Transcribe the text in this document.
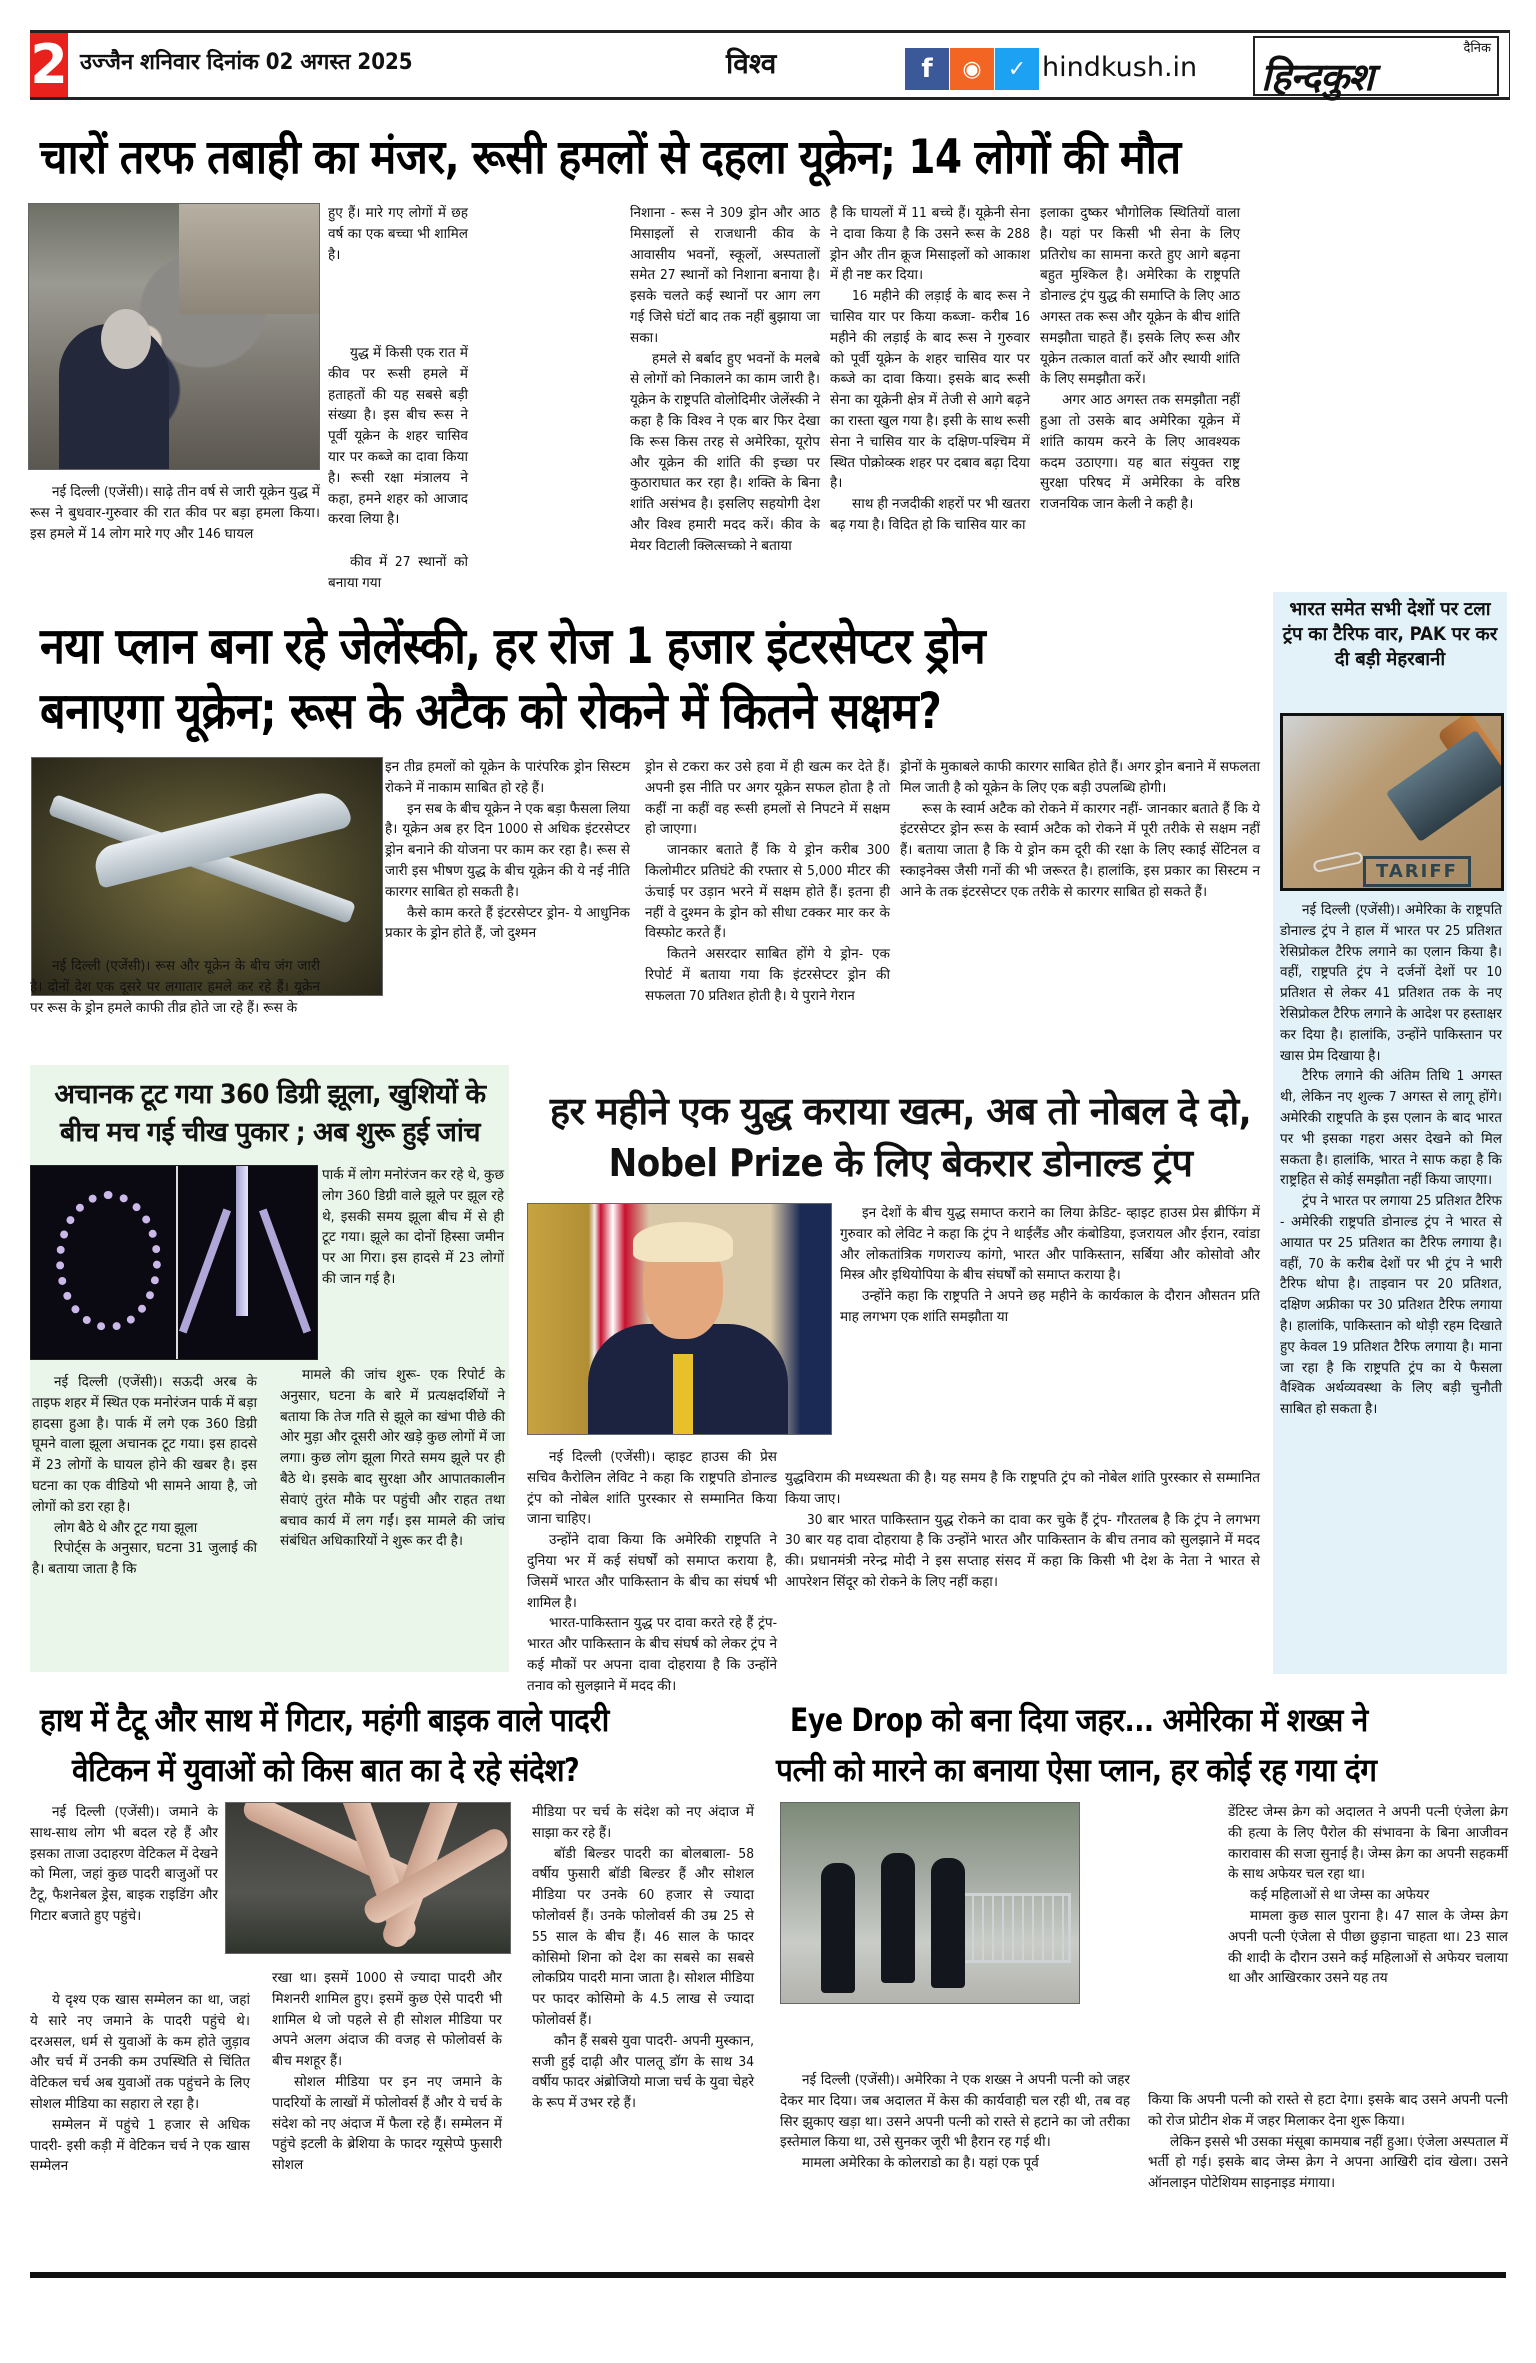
2 उज्जैन शनिवार दिनांक 02 अगस्त 2025	विश्व	f	◉	✓ hindkush.in
दैनिक
हिन्दकुश
चारों तरफ तबाही का मंजर, रूसी हमलों से दहला यूक्रेन; 14 लोगों की मौत

नई दिल्ली (एजेंसी)। साढ़े तीन वर्ष से जारी यूक्रेन युद्ध में रूस ने बुधवार-गुरुवार की रात कीव पर बड़ा हमला किया। इस हमले में 14 लोग मारे गए और 146 घायल

हुए हैं। मारे गए लोगों में छह वर्ष का एक बच्चा भी शामिल है।

युद्ध में किसी एक रात में कीव पर रूसी हमले में हताहतों की यह सबसे बड़ी संख्या है। इस बीच रूस ने पूर्वी यूक्रेन के शहर चासिव यार पर कब्जे का दावा किया है। रूसी रक्षा मंत्रालय ने कहा, हमने शहर को आजाद करवा लिया है।

कीव में 27 स्थानों को बनाया गया

निशाना - रूस ने 309 ड्रोन और आठ मिसाइलों से राजधानी कीव के आवासीय भवनों, स्कूलों, अस्पतालों समेत 27 स्थानों को निशाना बनाया है। इसके चलते कई स्थानों पर आग लग गई जिसे घंटों बाद तक नहीं बुझाया जा सका।

हमले से बर्बाद हुए भवनों के मलबे से लोगों को निकालने का काम जारी है। यूक्रेन के राष्ट्रपति वोलोदिमीर जेलेंस्की ने कहा है कि विश्व ने एक बार फिर देखा कि रूस किस तरह से अमेरिका, यूरोप और यूक्रेन की शांति की इच्छा पर कुठाराघात कर रहा है। शक्ति के बिना शांति असंभव है। इसलिए सहयोगी देश और विश्व हमारी मदद करें। कीव के मेयर विटाली क्लित्सच्को ने बताया

है कि घायलों में 11 बच्चे हैं। यूक्रेनी सेना ने दावा किया है कि उसने रूस के 288 ड्रोन और तीन क्रूज मिसाइलों को आकाश में ही नष्ट कर दिया।

16 महीने की लड़ाई के बाद रूस ने चासिव यार पर किया कब्जा- करीब 16 महीने की लड़ाई के बाद रूस ने गुरुवार को पूर्वी यूक्रेन के शहर चासिव यार पर कब्जे का दावा किया। इसके बाद रूसी सेना का यूक्रेनी क्षेत्र में तेजी से आगे बढ़ने का रास्ता खुल गया है। इसी के साथ रूसी सेना ने चासिव यार के दक्षिण-पश्चिम में स्थित पोक्रोव्स्क शहर पर दबाव बढ़ा दिया है।

साथ ही नजदीकी शहरों पर भी खतरा बढ़ गया है। विदित हो कि चासिव यार का

इलाका दुष्कर भौगोलिक स्थितियों वाला है। यहां पर किसी भी सेना के लिए प्रतिरोध का सामना करते हुए आगे बढ़ना बहुत मुश्किल है। अमेरिका के राष्ट्रपति डोनाल्ड ट्रंप युद्ध की समाप्ति के लिए आठ अगस्त तक रूस और यूक्रेन के बीच शांति समझौता चाहते हैं। इसके लिए रूस और यूक्रेन तत्काल वार्ता करें और स्थायी शांति के लिए समझौता करें।

अगर आठ अगस्त तक समझौता नहीं हुआ तो उसके बाद अमेरिका यूक्रेन में शांति कायम करने के लिए आवश्यक कदम उठाएगा। यह बात संयुक्त राष्ट्र सुरक्षा परिषद में अमेरिका के वरिष्ठ राजनयिक जान केली ने कही है।

नया प्लान बना रहे जेलेंस्की, हर रोज 1 हजार इंटरसेप्टर ड्रोन
बनाएगा यूक्रेन; रूस के अटैक को रोकने में कितने सक्षम?

नई दिल्ली (एजेंसी)। रूस और यूक्रेन के बीच जंग जारी है। दोनों देश एक दूसरे पर लगातार हमले कर रहे हैं। यूक्रेन पर रूस के ड्रोन हमले काफी तीव्र होते जा रहे हैं। रूस के

इन तीव्र हमलों को यूक्रेन के पारंपरिक ड्रोन सिस्टम रोकने में नाकाम साबित हो रहे हैं।

इन सब के बीच यूक्रेन ने एक बड़ा फैसला लिया है। यूक्रेन अब हर दिन 1000 से अधिक इंटरसेप्टर ड्रोन बनाने की योजना पर काम कर रहा है। रूस से जारी इस भीषण युद्ध के बीच यूक्रेन की ये नई नीति कारगर साबित हो सकती है।

कैसे काम करते हैं इंटरसेप्टर ड्रोन- ये आधुनिक प्रकार के ड्रोन होते हैं, जो दुश्मन

ड्रोन से टकरा कर उसे हवा में ही खत्म कर देते हैं। अपनी इस नीति पर अगर यूक्रेन सफल होता है तो कहीं ना कहीं वह रूसी हमलों से निपटने में सक्षम हो जाएगा।

जानकार बताते हैं कि ये ड्रोन करीब 300 किलोमीटर प्रतिघंटे की रफ्तार से 5,000 मीटर की ऊंचाई पर उड़ान भरने में सक्षम होते हैं। इतना ही नहीं वे दुश्मन के ड्रोन को सीधा टक्कर मार कर के विस्फोट करते हैं।

कितने असरदार साबित होंगे ये ड्रोन- एक रिपोर्ट में बताया गया कि इंटरसेप्टर ड्रोन की सफलता 70 प्रतिशत होती है। ये पुराने गेरान

ड्रोनों के मुकाबले काफी कारगर साबित होते हैं। अगर ड्रोन बनाने में सफलता मिल जाती है को यूक्रेन के लिए एक बड़ी उपलब्धि होगी।

रूस के स्वार्म अटैक को रोकने में कारगर नहीं- जानकार बताते हैं कि ये इंटरसेप्टर ड्रोन रूस के स्वार्म अटैक को रोकने में पूरी तरीके से सक्षम नहीं हैं। बताया जाता है कि ये ड्रोन कम दूरी की रक्षा के लिए स्काई सेंटिनल व स्काइनेक्स जैसी गनों की भी जरूरत है। हालांकि, इस प्रकार का सिस्टम न आने के तक इंटरसेप्टर एक तरीके से कारगर साबित हो सकते हैं।

भारत समेत सभी देशों पर टला ट्रंप का टैरिफ वार, PAK पर कर दी बड़ी मेहरबानी
TARIFF

नई दिल्ली (एजेंसी)। अमेरिका के राष्ट्रपति डोनाल्ड ट्रंप ने हाल में भारत पर 25 प्रतिशत रेसिप्रोकल टैरिफ लगाने का एलान किया है। वहीं, राष्ट्रपति ट्रंप ने दर्जनों देशों पर 10 प्रतिशत से लेकर 41 प्रतिशत तक के नए रेसिप्रोकल टैरिफ लगाने के आदेश पर हस्ताक्षर कर दिया है। हालांकि, उन्होंने पाकिस्तान पर खास प्रेम दिखाया है।

टैरिफ लगाने की अंतिम तिथि 1 अगस्त थी, लेकिन नए शुल्क 7 अगस्त से लागू होंगे। अमेरिकी राष्ट्रपति के इस एलान के बाद भारत पर भी इसका गहरा असर देखने को मिल सकता है। हालांकि, भारत ने साफ कहा है कि राष्ट्रहित से कोई समझौता नहीं किया जाएगा।

ट्रंप ने भारत पर लगाया 25 प्रतिशत टैरिफ - अमेरिकी राष्ट्रपति डोनाल्ड ट्रंप ने भारत से आयात पर 25 प्रतिशत का टैरिफ लगाया है। वहीं, 70 के करीब देशों पर भी ट्रंप ने भारी टैरिफ थोपा है। ताइवान पर 20 प्रतिशत, दक्षिण अफ्रीका पर 30 प्रतिशत टैरिफ लगाया है। हालांकि, पाकिस्तान को थोड़ी रहम दिखाते हुए केवल 19 प्रतिशत टैरिफ लगाया है। माना जा रहा है कि राष्ट्रपति ट्रंप का ये फैसला वैश्विक अर्थव्यवस्था के लिए बड़ी चुनौती साबित हो सकता है।

अचानक टूट गया 360 डिग्री झूला, खुशियों के बीच मच गई चीख पुकार ; अब शुरू हुई जांच

पार्क में लोग मनोरंजन कर रहे थे, कुछ लोग 360 डिग्री वाले झूले पर झूल रहे थे, इसकी समय झूला बीच में से ही टूट गया। झूले का दोनों हिस्सा जमीन पर आ गिरा। इस हादसे में 23 लोगों की जान गई है।

नई दिल्ली (एजेंसी)। सऊदी अरब के ताइफ शहर में स्थित एक मनोरंजन पार्क में बड़ा हादसा हुआ है। पार्क में लगे एक 360 डिग्री घूमने वाला झूला अचानक टूट गया। इस हादसे में 23 लोगों के घायल होने की खबर है। इस घटना का एक वीडियो भी सामने आया है, जो लोगों को डरा रहा है।

लोग बैठे थे और टूट गया झूला

रिपोर्ट्स के अनुसार, घटना 31 जुलाई की है। बताया जाता है कि

मामले की जांच शुरू- एक रिपोर्ट के अनुसार, घटना के बारे में प्रत्यक्षदर्शियों ने बताया कि तेज गति से झूले का खंभा पीछे की ओर मुड़ा और दूसरी ओर खड़े कुछ लोगों में जा लगा। कुछ लोग झूला गिरते समय झूले पर ही बैठे थे। इसके बाद सुरक्षा और आपातकालीन सेवाएं तुरंत मौके पर पहुंची और राहत तथा बचाव कार्य में लग गईं। इस मामले की जांच संबंधित अधिकारियों ने शुरू कर दी है।

हर महीने एक युद्ध कराया खत्म, अब तो नोबल दे दो, Nobel Prize के लिए बेकरार डोनाल्ड ट्रंप

इन देशों के बीच युद्ध समाप्त कराने का लिया क्रेडिट- व्हाइट हाउस प्रेस ब्रीफिंग में गुरुवार को लेविट ने कहा कि ट्रंप ने थाईलैंड और कंबोडिया, इजरायल और ईरान, रवांडा और लोकतांत्रिक गणराज्य कांगो, भारत और पाकिस्तान, सर्बिया और कोसोवो और मिस्त्र और इथियोपिया के बीच संघर्षों को समाप्त कराया है।

उन्होंने कहा कि राष्ट्रपति ने अपने छह महीने के कार्यकाल के दौरान औसतन प्रति माह लगभग एक शांति समझौता या

नई दिल्ली (एजेंसी)। व्हाइट हाउस की प्रेस सचिव कैरोलिन लेविट ने कहा कि राष्ट्रपति डोनाल्ड ट्रंप को नोबेल शांति पुरस्कार से सम्मानित किया जाना चाहिए।

उन्होंने दावा किया कि अमेरिकी राष्ट्रपति ने दुनिया भर में कई संघर्षों को समाप्त कराया है, जिसमें भारत और पाकिस्तान के बीच का संघर्ष भी शामिल है।

भारत-पाकिस्तान युद्ध पर दावा करते रहे हैं ट्रंप- भारत और पाकिस्तान के बीच संघर्ष को लेकर ट्रंप ने कई मौकों पर अपना दावा दोहराया है कि उन्होंने तनाव को सुलझाने में मदद की।

युद्धविराम की मध्यस्थता की है। यह समय है कि राष्ट्रपति ट्रंप को नोबेल शांति पुरस्कार से सम्मानित किया जाए।

30 बार भारत पाकिस्तान युद्ध रोकने का दावा कर चुके हैं ट्रंप- गौरतलब है कि ट्रंप ने लगभग 30 बार यह दावा दोहराया है कि उन्होंने भारत और पाकिस्तान के बीच तनाव को सुलझाने में मदद की। प्रधानमंत्री नरेन्द्र मोदी ने इस सप्ताह संसद में कहा कि किसी भी देश के नेता ने भारत से आपरेशन सिंदूर को रोकने के लिए नहीं कहा।

हाथ में टैटू और साथ में गिटार, महंगी बाइक वाले पादरी
वेटिकन में युवाओं को किस बात का दे रहे संदेश?

नई दिल्ली (एजेंसी)। जमाने के साथ-साथ लोग भी बदल रहे हैं और इसका ताजा उदाहरण वेटिकल में देखने को मिला, जहां कुछ पादरी बाजुओं पर टैटू, फैशनेबल ड्रेस, बाइक राइडिंग और गिटार बजाते हुए पहुंचे।

ये दृश्य एक खास सम्मेलन का था, जहां ये सारे नए जमाने के पादरी पहुंचे थे। दरअसल, धर्म से युवाओं के कम होते जुड़ाव और चर्च में उनकी कम उपस्थिति से चिंतित वेटिकल चर्च अब युवाओं तक पहुंचने के लिए सोशल मीडिया का सहारा ले रहा है।

सम्मेलन में पहुंचे 1 हजार से अधिक पादरी- इसी कड़ी में वेटिकन चर्च ने एक खास सम्मेलन

रखा था। इसमें 1000 से ज्यादा पादरी और मिशनरी शामिल हुए। इसमें कुछ ऐसे पादरी भी शामिल थे जो पहले से ही सोशल मीडिया पर अपने अलग अंदाज की वजह से फोलोवर्स के बीच मशहूर हैं।

सोशल मीडिया पर इन नए जमाने के पादरियों के लाखों में फोलोवर्स हैं और ये चर्च के संदेश को नए अंदाज में फैला रहे हैं। सम्मेलन में पहुंचे इटली के ब्रेशिया के फादर ग्यूसेप्पे फुसारी सोशल

मीडिया पर चर्च के संदेश को नए अंदाज में साझा कर रहे हैं।

बॉडी बिल्डर पादरी का बोलबाला- 58 वर्षीय फुसारी बॉडी बिल्डर हैं और सोशल मीडिया पर उनके 60 हजार से ज्यादा फोलोवर्स हैं। उनके फोलोवर्स की उम्र 25 से 55 साल के बीच हैं। 46 साल के फादर कोसिमो शिना को देश का सबसे का सबसे लोकप्रिय पादरी माना जाता है। सोशल मीडिया पर फादर कोसिमो के 4.5 लाख से ज्यादा फोलोवर्स हैं।

कौन हैं सबसे युवा पादरी- अपनी मुस्कान, सजी हुई दाढ़ी और पालतू डॉग के साथ 34 वर्षीय फादर अंब्रोजियो माजा चर्च के युवा चेहरे के रूप में उभर रहे हैं।

Eye Drop को बना दिया जहर... अमेरिका में शख्स ने
पत्नी को मारने का बनाया ऐसा प्लान, हर कोई रह गया दंग

डेंटिस्ट जेम्स क्रेग को अदालत ने अपनी पत्नी एंजेला क्रेग की हत्या के लिए पैरोल की संभावना के बिना आजीवन कारावास की सजा सुनाई है। जेम्स क्रेग का अपनी सहकर्मी के साथ अफेयर चल रहा था।

कई महिलाओं से था जेम्स का अफेयर

मामला कुछ साल पुराना है। 47 साल के जेम्स क्रेग अपनी पत्नी एंजेला से पीछा छुड़ाना चाहता था। 23 साल की शादी के दौरान उसने कई महिलाओं से अफेयर चलाया था और आखिरकार उसने यह तय

नई दिल्ली (एजेंसी)। अमेरिका ने एक शख्स ने अपनी पत्नी को जहर देकर मार दिया। जब अदालत में केस की कार्यवाही चल रही थी, तब वह सिर झुकाए खड़ा था। उसने अपनी पत्नी को रास्ते से हटाने का जो तरीका इस्तेमाल किया था, उसे सुनकर जूरी भी हैरान रह गई थी।

मामला अमेरिका के कोलराडो का है। यहां एक पूर्व

किया कि अपनी पत्नी को रास्ते से हटा देगा। इसके बाद उसने अपनी पत्नी को रोज प्रोटीन शेक में जहर मिलाकर देना शुरू किया।

लेकिन इससे भी उसका मंसूबा कामयाब नहीं हुआ। एंजेला अस्पताल में भर्ती हो गई। इसके बाद जेम्स क्रेग ने अपना आखिरी दांव खेला। उसने ऑनलाइन पोटेशियम साइनाइड मंगाया।
